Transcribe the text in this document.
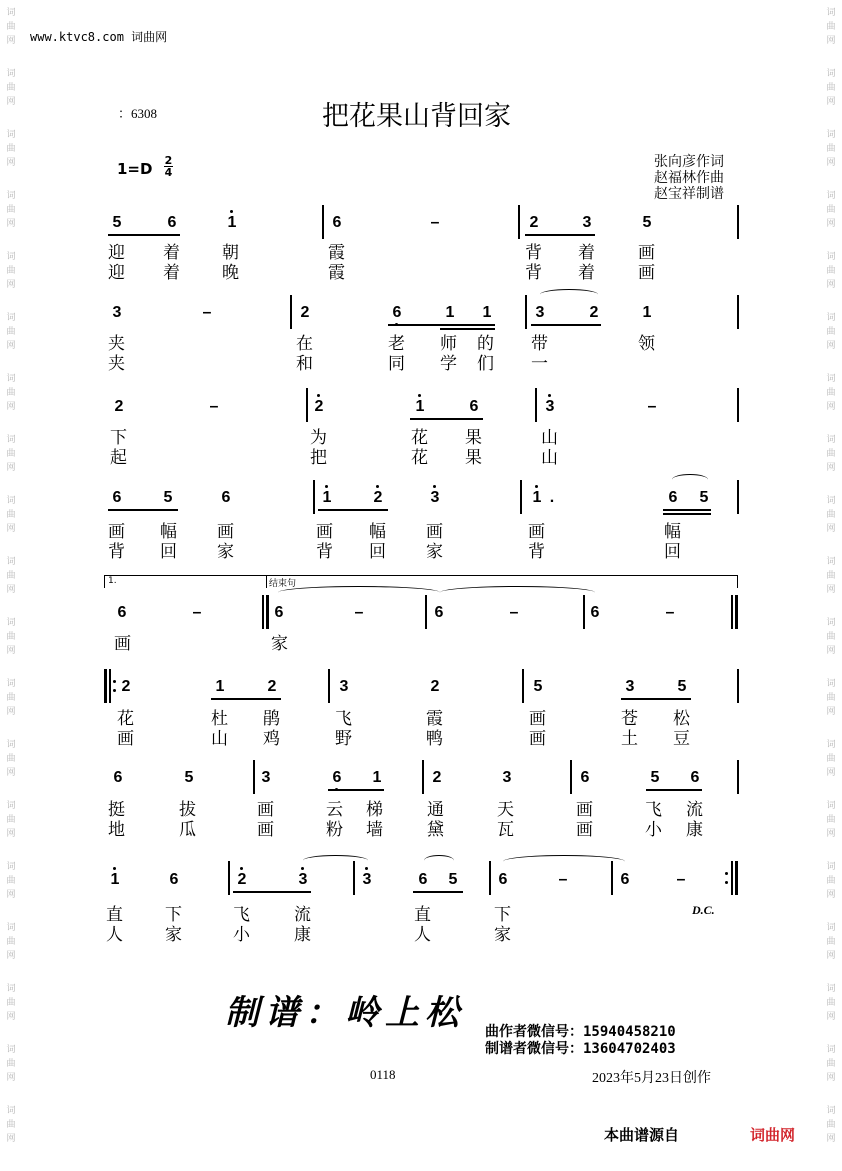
词
曲
网
词
曲
网
词
曲
网
词
曲
网
词
曲
网
词
曲
网
词
曲
网
词
曲
网
词
曲
网
词
曲
网
词
曲
网
词
曲
网
词
曲
网
词
曲
网
词
曲
网
词
曲
网
词
曲
网
词
曲
网
词
曲
网
词
曲
网
词
曲
网
词
曲
网
词
曲
网
词
曲
网
词
曲
网
词
曲
网
词
曲
网
词
曲
网
词
曲
网
词
曲
网
词
曲
网
词
曲
网
词
曲
网
词
曲
网
词
曲
网
词
曲
网
词
曲
网
词
曲
网
www.ktvc8.com 词曲网
：6308	把花果山背回家
1=D 2
4
张向彦作词
赵福林作曲
赵宝祥制谱
5	6	1	6	–	2	3	5
迎 着 朝	霞	背 着	画
迎 着 晚	霞	背 着	画
3	–	2	6	1 1	3	2	1
夹	在	老 师 的 带	领
夹	和	同 学 们 一
2	–	2	1	6	3	–
下	为	花 果	山
起	把	花 果	山
6	5	6	1	2	3	1 .	6 5
画 幅 画	画 幅 画	画	幅
背 回 家	背 回 家	背	回
1.	结束句
6	–	6	–	6	–	6	–
画	家
2	1	2	3	2	5	3	5
花	杜 鹃	飞	霞	画	苍 松
画	山 鸡	野	鸭	画	土 豆
6	5	3	6 1	2	3	6	5 6
挺	拔	画	云 梯	通	天	画	飞 流
地	瓜	画	粉 墙	黛	瓦	画	小 康
1	6	2	3	3	6 5	6	–	6	–
直 下	飞	流	直	下
人 家	小	康	人	家
D.C.
制谱：岭上松 曲作者微信号：15940458210
制谱者微信号：13604702403
0118	2023年5月23日创作
本曲谱源自	词曲网
